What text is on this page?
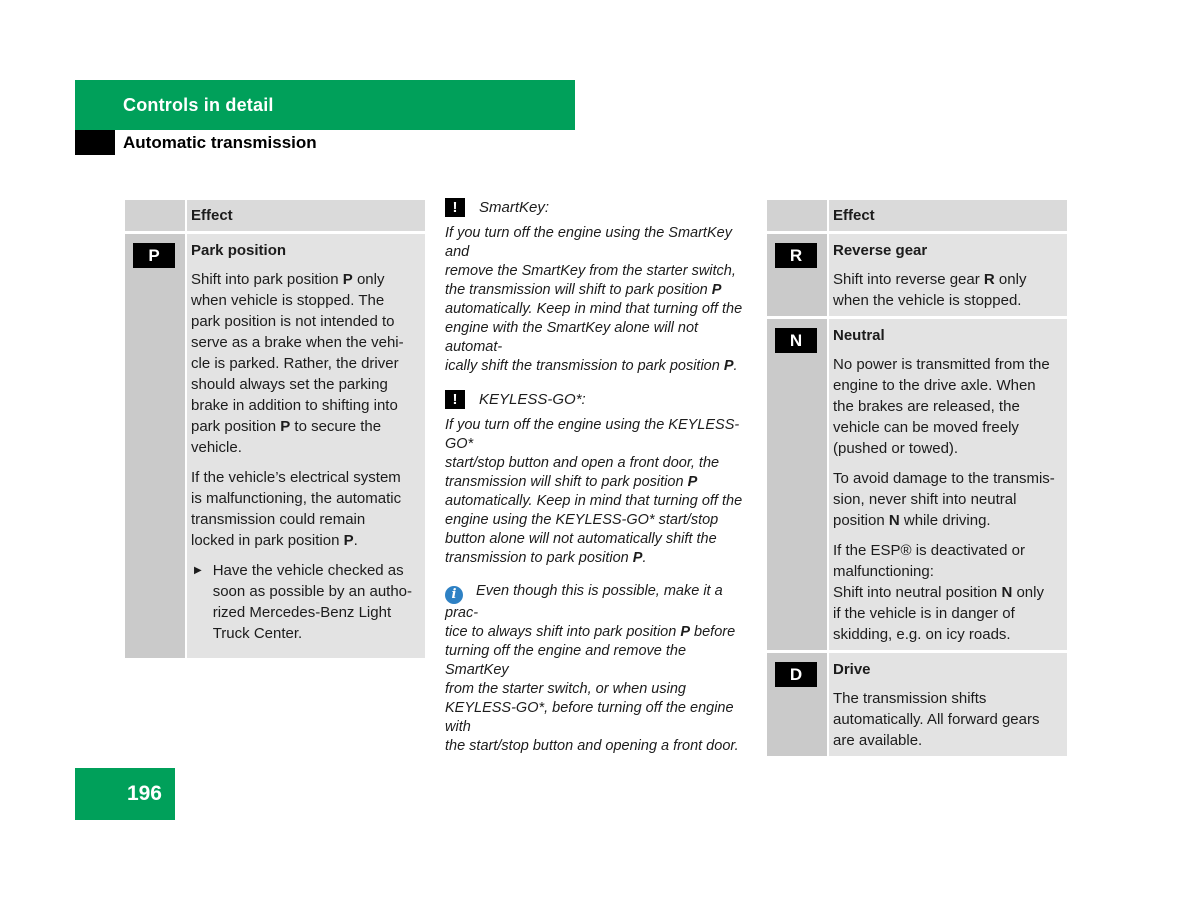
Controls in detail
Automatic transmission
Effect
P	Park position

Shift into park position P only
when vehicle is stopped. The
park position is not intended to
serve as a brake when the vehi-
cle is parked. Rather, the driver
should always set the parking
brake in addition to shifting into
park position P to secure the
vehicle.

If the vehicle’s electrical system
is malfunctioning, the automatic
transmission could remain
locked in park position P.

▶ Have the vehicle checked as
soon as possible by an autho-
rized Mercedes-Benz Light
Truck Center.
!	SmartKey:
If you turn off the engine using the SmartKey and
remove the SmartKey from the starter switch,
the transmission will shift to park position P
automatically. Keep in mind that turning off the
engine with the SmartKey alone will not automat-
ically shift the transmission to park position P.
!	KEYLESS-GO*:
If you turn off the engine using the KEYLESS-GO*
start/stop button and open a front door, the
transmission will shift to park position P
automatically. Keep in mind that turning off the
engine using the KEYLESS-GO* start/stop
button alone will not automatically shift the
transmission to park position P.
i Even though this is possible, make it a prac-
tice to always shift into park position P before
turning off the engine and remove the SmartKey
from the starter switch, or when using
KEYLESS-GO*, before turning off the engine with
the start/stop button and opening a front door.
Effect
R	Reverse gear

Shift into reverse gear R only
when the vehicle is stopped.

N	Neutral

No power is transmitted from the
engine to the drive axle. When
the brakes are released, the
vehicle can be moved freely
(pushed or towed).

To avoid damage to the transmis-
sion, never shift into neutral
position N while driving.

If the ESP® is deactivated or
malfunctioning:
Shift into neutral position N only
if the vehicle is in danger of
skidding, e.g. on icy roads.

D	Drive

The transmission shifts
automatically. All forward gears
are available.

196
